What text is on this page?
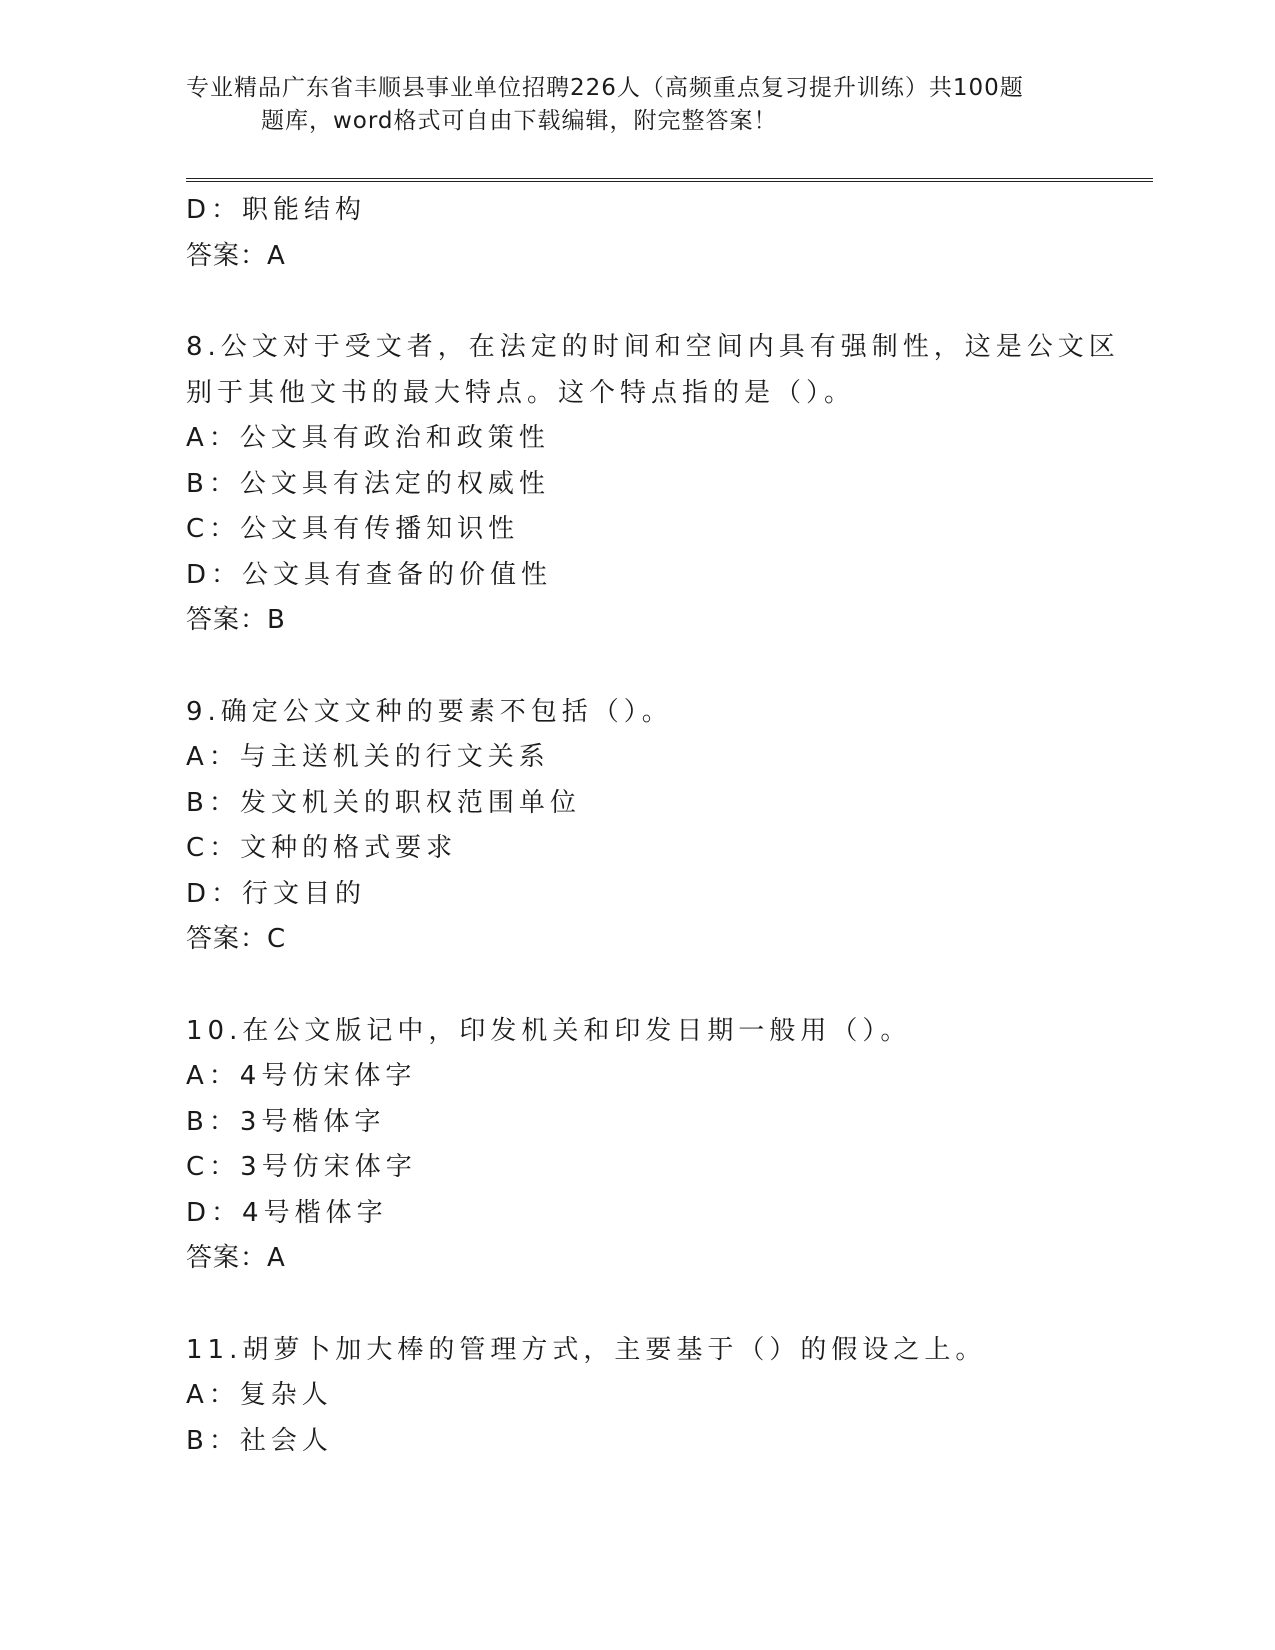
专业精品广东省丰顺县事业单位招聘226人（高频重点复习提升训练）共100题
题库，word格式可自由下载编辑，附完整答案！
D：职能结构
答案：A
8.公文对于受文者，在法定的时间和空间内具有强制性，这是公文区
别于其他文书的最大特点。这个特点指的是（）。
A：公文具有政治和政策性
B：公文具有法定的权威性
C：公文具有传播知识性
D：公文具有查备的价值性
答案：B
9.确定公文文种的要素不包括（）。
A：与主送机关的行文关系
B：发文机关的职权范围单位
C：文种的格式要求
D：行文目的
答案：C
10.在公文版记中，印发机关和印发日期一般用（）。
A：4号仿宋体字
B：3号楷体字
C：3号仿宋体字
D：4号楷体字
答案：A
11.胡萝卜加大棒的管理方式，主要基于（）的假设之上。
A：复杂人
B：社会人
